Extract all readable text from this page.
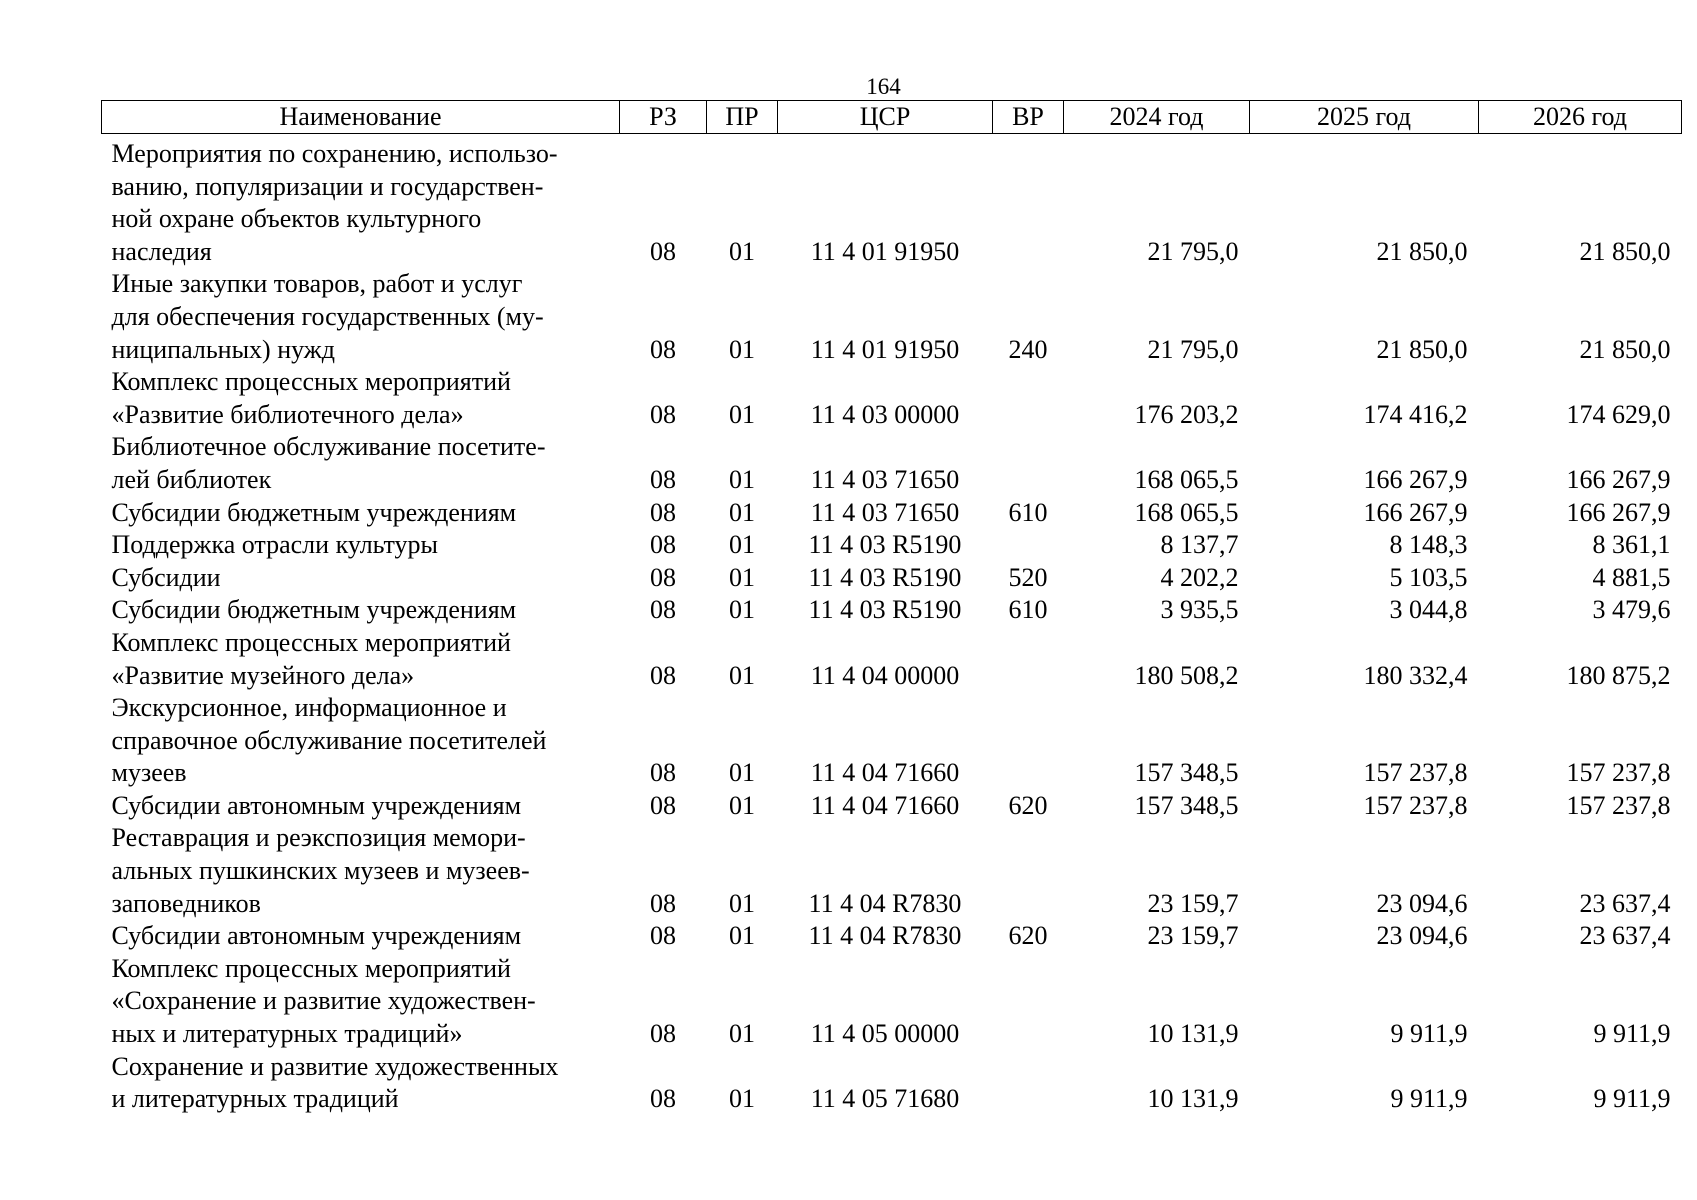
164
Наименование	РЗ	ПР	ЦСР	ВР	2024 год	2025 год	2026 год

Мероприятия по сохранению, использо-
ванию, популяризации и государствен-
ной охране объектов культурного
наследия	08	01	11 4 01 91950		21 795,0	21 850,0	21 850,0

Иные закупки товаров, работ и услуг
для обеспечения государственных (му-
ниципальных) нужд	08	01	11 4 01 91950	240	21 795,0	21 850,0	21 850,0

Комплекс процессных мероприятий
«Развитие библиотечного дела»	08	01	11 4 03 00000		176 203,2	174 416,2	174 629,0

Библиотечное обслуживание посетите-
лей библиотек	08	01	11 4 03 71650		168 065,5	166 267,9	166 267,9

Субсидии бюджетным учреждениям	08	01	11 4 03 71650	610	168 065,5	166 267,9	166 267,9

Поддержка отрасли культуры	08	01	11 4 03 R5190		8 137,7	8 148,3	8 361,1

Субсидии	08	01	11 4 03 R5190	520	4 202,2	5 103,5	4 881,5

Субсидии бюджетным учреждениям	08	01	11 4 03 R5190	610	3 935,5	3 044,8	3 479,6

Комплекс процессных мероприятий
«Развитие музейного дела»	08	01	11 4 04 00000		180 508,2	180 332,4	180 875,2

Экскурсионное, информационное и
справочное обслуживание посетителей
музеев	08	01	11 4 04 71660		157 348,5	157 237,8	157 237,8

Субсидии автономным учреждениям	08	01	11 4 04 71660	620	157 348,5	157 237,8	157 237,8

Реставрация и реэкспозиция мемори-
альных пушкинских музеев и музеев-
заповедников	08	01	11 4 04 R7830		23 159,7	23 094,6	23 637,4

Субсидии автономным учреждениям	08	01	11 4 04 R7830	620	23 159,7	23 094,6	23 637,4

Комплекс процессных мероприятий
«Сохранение и развитие художествен-
ных и литературных традиций»	08	01	11 4 05 00000		10 131,9	9 911,9	9 911,9

Сохранение и развитие художественных
и литературных традиций	08	01	11 4 05 71680		10 131,9	9 911,9	9 911,9
